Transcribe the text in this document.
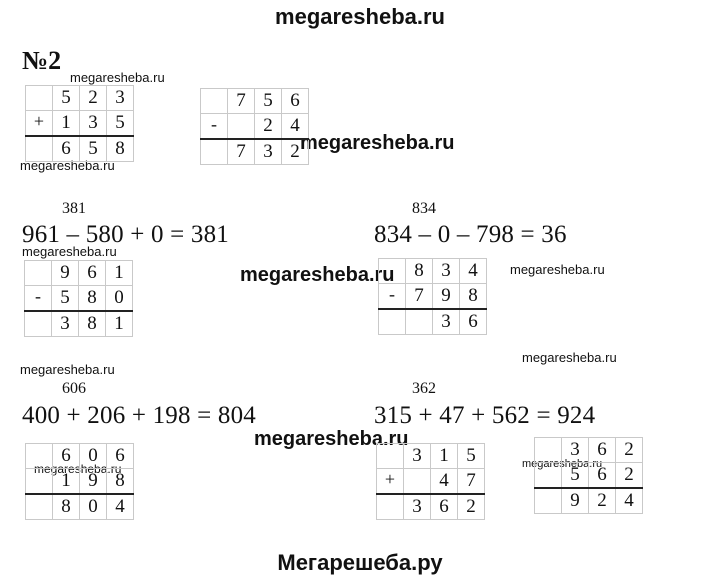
megaresheba.ru
№2
megaresheba.ru
megaresheba.ru
megaresheba.ru
megaresheba.ru
megaresheba.ru
megaresheba.ru
megaresheba.ru	megaresheba.ru
megaresheba.ru
megaresheba.ru
megaresheba.ru
	5	2	3
+	1	3	5
	6	5	8
	7	5	6
-		2	4
	7	3	2
381
961 – 580 + 0 = 381
	9	6	1
-	5	8	0
	3	8	1
834
834 – 0 – 798 = 36
	8	3	4
-	7	9	8
		3	6
606
400 + 206 + 198 = 804
	6	0	6
	1	9	8
	8	0	4
362
315 + 47 + 562 = 924
	3	1	5
+		4	7
	3	6	2
	3	6	2
	5	6	2
	9	2	4
Мегарешеба.ру
